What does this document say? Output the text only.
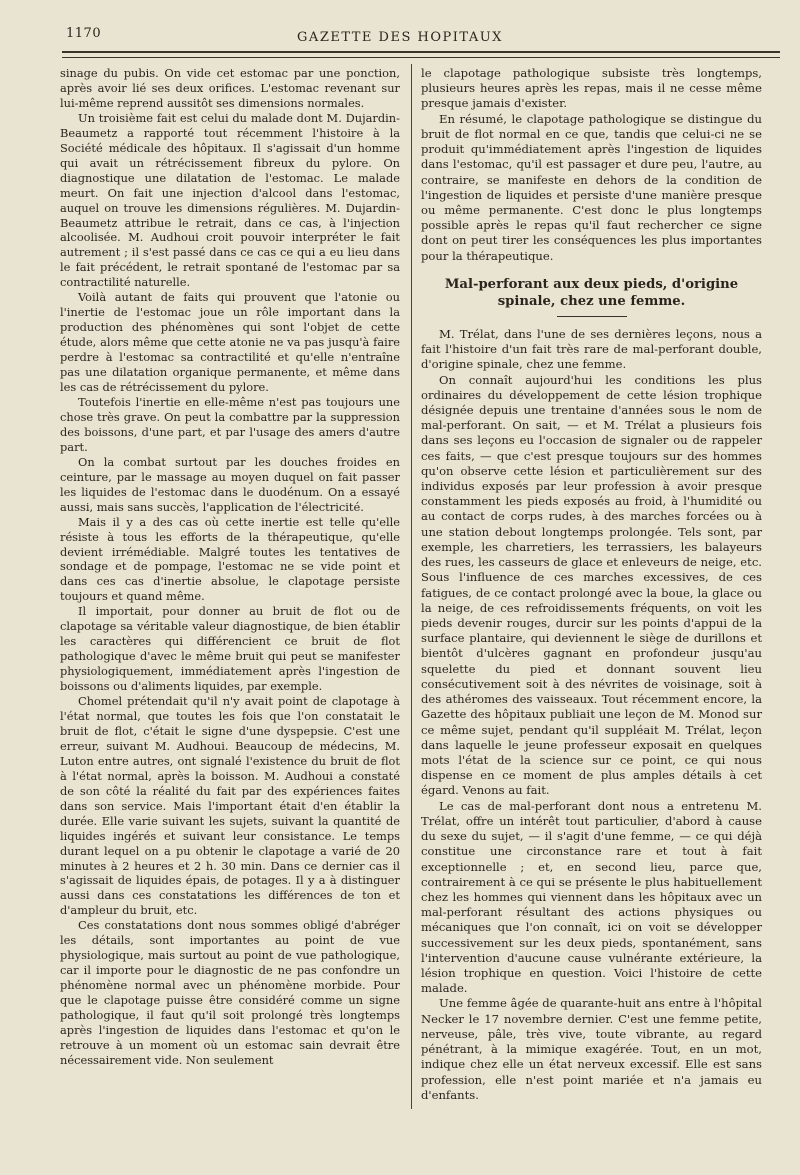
1170	GAZETTE DES HOPITAUX

sinage du pubis. On vide cet estomac par une ponction, après avoir lié ses deux orifices. L'estomac revenant sur lui-même reprend aussitôt ses dimensions normales.

Un troisième fait est celui du malade dont M. Dujardin-Beaumetz a rapporté tout récemment l'histoire à la Société médicale des hôpitaux. Il s'agissait d'un homme qui avait un rétrécissement fibreux du pylore. On diagnostique une dilatation de l'estomac. Le malade meurt. On fait une injection d'alcool dans l'estomac, auquel on trouve les dimensions régulières. M. Dujardin-Beaumetz attribue le retrait, dans ce cas, à l'injection alcoolisée. M. Audhoui croit pouvoir interpréter le fait autrement ; il s'est passé dans ce cas ce qui a eu lieu dans le fait précédent, le retrait spontané de l'estomac par sa contractilité naturelle.

Voilà autant de faits qui prouvent que l'atonie ou l'inertie de l'estomac joue un rôle important dans la production des phénomènes qui sont l'objet de cette étude, alors même que cette atonie ne va pas jusqu'à faire perdre à l'estomac sa contractilité et qu'elle n'entraîne pas une dilatation organique permanente, et même dans les cas de rétrécissement du pylore.

Toutefois l'inertie en elle-même n'est pas toujours une chose très grave. On peut la combattre par la suppression des boissons, d'une part, et par l'usage des amers d'autre part.

On la combat surtout par les douches froides en ceinture, par le massage au moyen duquel on fait passer les liquides de l'estomac dans le duodénum. On a essayé aussi, mais sans succès, l'application de l'électricité.

Mais il y a des cas où cette inertie est telle qu'elle résiste à tous les efforts de la thérapeutique, qu'elle devient irrémédiable. Malgré toutes les tentatives de sondage et de pompage, l'estomac ne se vide point et dans ces cas d'inertie absolue, le clapotage persiste toujours et quand même.

Il importait, pour donner au bruit de flot ou de clapotage sa véritable valeur diagnostique, de bien établir les caractères qui différencient ce bruit de flot pathologique d'avec le même bruit qui peut se manifester physiologiquement, immédiatement après l'ingestion de boissons ou d'aliments liquides, par exemple.

Chomel prétendait qu'il n'y avait point de clapotage à l'état normal, que toutes les fois que l'on constatait le bruit de flot, c'était le signe d'une dyspepsie. C'est une erreur, suivant M. Audhoui. Beaucoup de médecins, M. Luton entre autres, ont signalé l'existence du bruit de flot à l'état normal, après la boisson. M. Audhoui a constaté de son côté la réalité du fait par des expériences faites dans son service. Mais l'important était d'en établir la durée. Elle varie suivant les sujets, suivant la quantité de liquides ingérés et suivant leur consistance. Le temps durant lequel on a pu obtenir le clapotage a varié de 20 minutes à 2 heures et 2 h. 30 min. Dans ce dernier cas il s'agissait de liquides épais, de potages. Il y a à distinguer aussi dans ces constatations les différences de ton et d'ampleur du bruit, etc.

Ces constatations dont nous sommes obligé d'abréger les détails, sont importantes au point de vue physiologique, mais surtout au point de vue pathologique, car il importe pour le diagnostic de ne pas confondre un phénomène normal avec un phénomène morbide. Pour que le clapotage puisse être considéré comme un signe pathologique, il faut qu'il soit prolongé très longtemps après l'ingestion de liquides dans l'estomac et qu'on le retrouve à un moment où un estomac sain devrait être nécessairement vide. Non seulement

le clapotage pathologique subsiste très longtemps, plusieurs heures après les repas, mais il ne cesse même presque jamais d'exister.

En résumé, le clapotage pathologique se distingue du bruit de flot normal en ce que, tandis que celui-ci ne se produit qu'immédiatement après l'ingestion de liquides dans l'estomac, qu'il est passager et dure peu, l'autre, au contraire, se manifeste en dehors de la condition de l'ingestion de liquides et persiste d'une manière presque ou même permanente. C'est donc le plus longtemps possible après le repas qu'il faut rechercher ce signe dont on peut tirer les conséquences les plus importantes pour la thérapeutique.

Mal-perforant aux deux pieds, d'origine spinale, chez une femme.

M. Trélat, dans l'une de ses dernières leçons, nous a fait l'histoire d'un fait très rare de mal-perforant double, d'origine spinale, chez une femme.

On connaît aujourd'hui les conditions les plus ordinaires du développement de cette lésion trophique désignée depuis une trentaine d'années sous le nom de mal-perforant. On sait, — et M. Trélat a plusieurs fois dans ses leçons eu l'occasion de signaler ou de rappeler ces faits, — que c'est presque toujours sur des hommes qu'on observe cette lésion et particulièrement sur des individus exposés par leur profession à avoir presque constamment les pieds exposés au froid, à l'humidité ou au contact de corps rudes, à des marches forcées ou à une station debout longtemps prolongée. Tels sont, par exemple, les charretiers, les terrassiers, les balayeurs des rues, les casseurs de glace et enleveurs de neige, etc. Sous l'influence de ces marches excessives, de ces fatigues, de ce contact prolongé avec la boue, la glace ou la neige, de ces refroidissements fréquents, on voit les pieds devenir rouges, durcir sur les points d'appui de la surface plantaire, qui deviennent le siège de durillons et bientôt d'ulcères gagnant en profondeur jusqu'au squelette du pied et donnant souvent lieu consécutivement soit à des névrites de voisinage, soit à des athéromes des vaisseaux. Tout récemment encore, la Gazette des hôpitaux publiait une leçon de M. Monod sur ce même sujet, pendant qu'il suppléait M. Trélat, leçon dans laquelle le jeune professeur exposait en quelques mots l'état de la science sur ce point, ce qui nous dispense en ce moment de plus amples détails à cet égard. Venons au fait.

Le cas de mal-perforant dont nous a entretenu M. Trélat, offre un intérêt tout particulier, d'abord à cause du sexe du sujet, — il s'agit d'une femme, — ce qui déjà constitue une circonstance rare et tout à fait exceptionnelle ; et, en second lieu, parce que, contrairement à ce qui se présente le plus habituellement chez les hommes qui viennent dans les hôpitaux avec un mal-perforant résultant des actions physiques ou mécaniques que l'on connaît, ici on voit se développer successivement sur les deux pieds, spontanément, sans l'intervention d'aucune cause vulnérante extérieure, la lésion trophique en question. Voici l'histoire de cette malade.

Une femme âgée de quarante-huit ans entre à l'hôpital Necker le 17 novembre dernier. C'est une femme petite, nerveuse, pâle, très vive, toute vibrante, au regard pénétrant, à la mimique exagérée. Tout, en un mot, indique chez elle un état nerveux excessif. Elle est sans profession, elle n'est point mariée et n'a jamais eu d'enfants.
